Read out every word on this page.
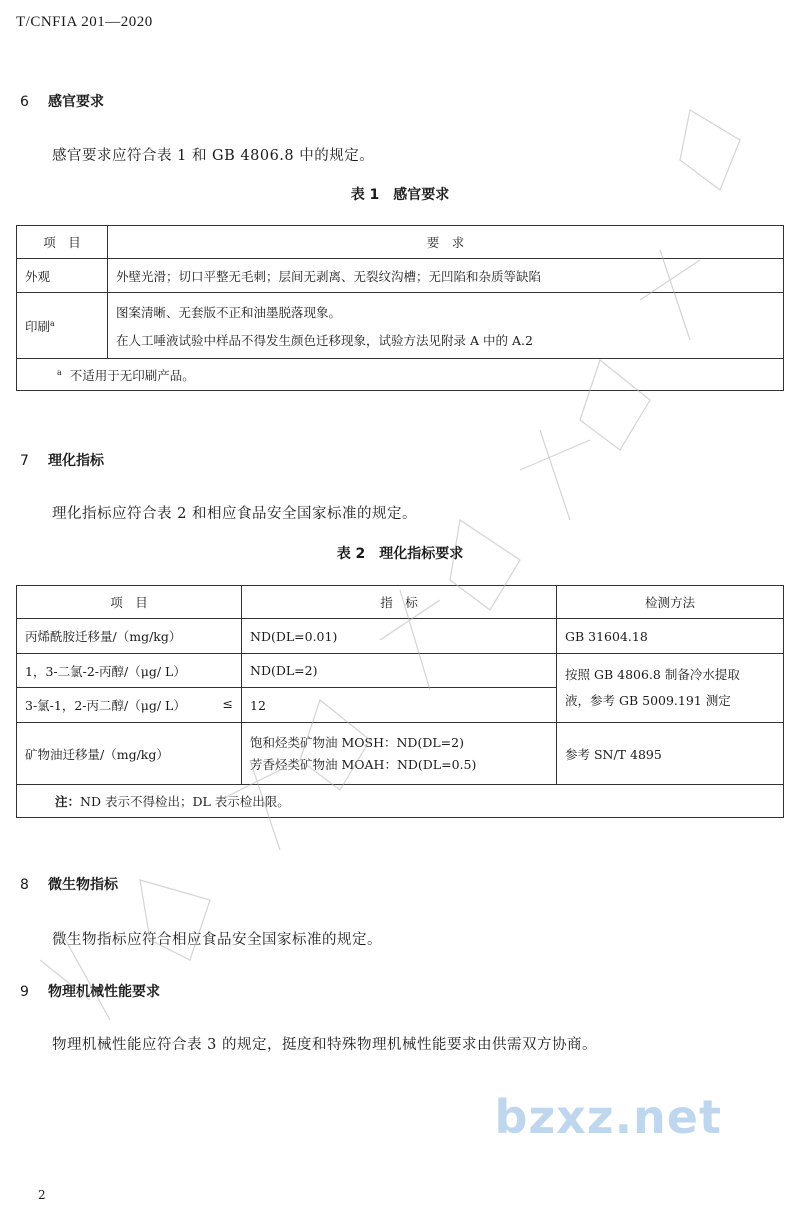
T/CNFIA 201—2020
6 感官要求
感官要求应符合表 1 和 GB 4806.8 中的规定。
表 1　感官要求
项　目	要　求
外观	外壁光滑；切口平整无毛刺；层间无剥离、无裂纹沟槽；无凹陷和杂质等缺陷
印刷$^a$	图案清晰、无套版不正和油墨脱落现象。
在人工唾液试验中样品不得发生颜色迁移现象，试验方法见附录 A 中的 A.2

$^a$ 不适用于无印刷产品。	
7 理化指标
理化指标应符合表 2 和相应食品安全国家标准的规定。
表 2　理化指标要求
项　目	指　标	检测方法
丙烯酰胺迁移量/（mg/kg）	ND(DL=0.01)	GB 31604.18
1，3-二氯-2-丙醇/（μg/ L）	ND(DL=2)	按照 GB 4806.8 制备冷水提取
液，参考 GB 5009.191 测定

3-氯-1，2-丙二醇/（μg/ L） ≤	12	
矿物油迁移量/（mg/kg）	饱和烃类矿物油 MOSH：ND(DL=2)
芳香烃类矿物油 MOAH：ND(DL=0.5)	参考 SN/T 4895
注：ND 表示不得检出；DL 表示检出限。		
8 微生物指标
微生物指标应符合相应食品安全国家标准的规定。
9 物理机械性能要求
物理机械性能应符合表 3 的规定，挺度和特殊物理机械性能要求由供需双方协商。
bzxz.net
2
